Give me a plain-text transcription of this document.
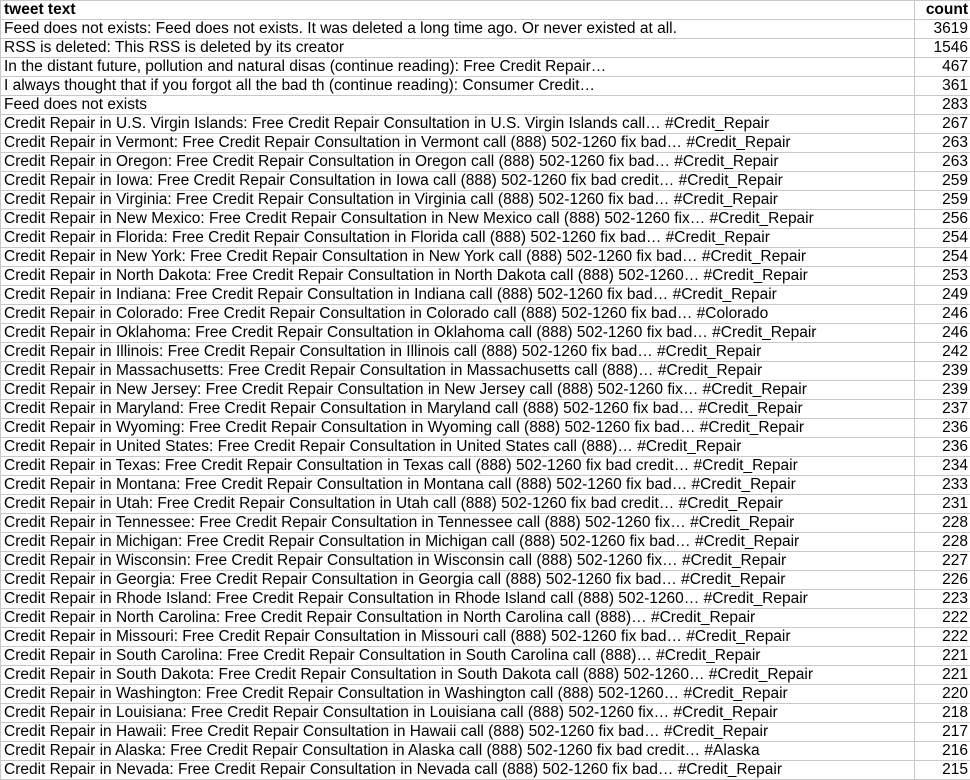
tweet text	count
Feed does not exists: Feed does not exists. It was deleted a long time ago. Or never existed at all.	3619
RSS is deleted: This RSS is deleted by its creator	1546
In the distant future, pollution and natural disas (continue reading): Free Credit Repair…	467
I always thought that if you forgot all the bad th (continue reading): Consumer Credit…	361
Feed does not exists	283
Credit Repair in U.S. Virgin Islands: Free Credit Repair Consultation in U.S. Virgin Islands call… #Credit_Repair	267
Credit Repair in Vermont: Free Credit Repair Consultation in Vermont call (888) 502-1260 fix bad… #Credit_Repair	263
Credit Repair in Oregon: Free Credit Repair Consultation in Oregon call (888) 502-1260 fix bad… #Credit_Repair	263
Credit Repair in Iowa: Free Credit Repair Consultation in Iowa call (888) 502-1260 fix bad credit… #Credit_Repair	259
Credit Repair in Virginia: Free Credit Repair Consultation in Virginia call (888) 502-1260 fix bad… #Credit_Repair	259
Credit Repair in New Mexico: Free Credit Repair Consultation in New Mexico call (888) 502-1260 fix… #Credit_Repair	256
Credit Repair in Florida: Free Credit Repair Consultation in Florida call (888) 502-1260 fix bad… #Credit_Repair	254
Credit Repair in New York: Free Credit Repair Consultation in New York call (888) 502-1260 fix bad… #Credit_Repair	254
Credit Repair in North Dakota: Free Credit Repair Consultation in North Dakota call (888) 502-1260… #Credit_Repair	253
Credit Repair in Indiana: Free Credit Repair Consultation in Indiana call (888) 502-1260 fix bad… #Credit_Repair	249
Credit Repair in Colorado: Free Credit Repair Consultation in Colorado call (888) 502-1260 fix bad… #Colorado	246
Credit Repair in Oklahoma: Free Credit Repair Consultation in Oklahoma call (888) 502-1260 fix bad… #Credit_Repair	246
Credit Repair in Illinois: Free Credit Repair Consultation in Illinois call (888) 502-1260 fix bad… #Credit_Repair	242
Credit Repair in Massachusetts: Free Credit Repair Consultation in Massachusetts call (888)… #Credit_Repair	239
Credit Repair in New Jersey: Free Credit Repair Consultation in New Jersey call (888) 502-1260 fix… #Credit_Repair	239
Credit Repair in Maryland: Free Credit Repair Consultation in Maryland call (888) 502-1260 fix bad… #Credit_Repair	237
Credit Repair in Wyoming: Free Credit Repair Consultation in Wyoming call (888) 502-1260 fix bad… #Credit_Repair	236
Credit Repair in United States: Free Credit Repair Consultation in United States call (888)… #Credit_Repair	236
Credit Repair in Texas: Free Credit Repair Consultation in Texas call (888) 502-1260 fix bad credit… #Credit_Repair	234
Credit Repair in Montana: Free Credit Repair Consultation in Montana call (888) 502-1260 fix bad… #Credit_Repair	233
Credit Repair in Utah: Free Credit Repair Consultation in Utah call (888) 502-1260 fix bad credit… #Credit_Repair	231
Credit Repair in Tennessee: Free Credit Repair Consultation in Tennessee call (888) 502-1260 fix… #Credit_Repair	228
Credit Repair in Michigan: Free Credit Repair Consultation in Michigan call (888) 502-1260 fix bad… #Credit_Repair	228
Credit Repair in Wisconsin: Free Credit Repair Consultation in Wisconsin call (888) 502-1260 fix… #Credit_Repair	227
Credit Repair in Georgia: Free Credit Repair Consultation in Georgia call (888) 502-1260 fix bad… #Credit_Repair	226
Credit Repair in Rhode Island: Free Credit Repair Consultation in Rhode Island call (888) 502-1260… #Credit_Repair	223
Credit Repair in North Carolina: Free Credit Repair Consultation in North Carolina call (888)… #Credit_Repair	222
Credit Repair in Missouri: Free Credit Repair Consultation in Missouri call (888) 502-1260 fix bad… #Credit_Repair	222
Credit Repair in South Carolina: Free Credit Repair Consultation in South Carolina call (888)… #Credit_Repair	221
Credit Repair in South Dakota: Free Credit Repair Consultation in South Dakota call (888) 502-1260… #Credit_Repair	221
Credit Repair in Washington: Free Credit Repair Consultation in Washington call (888) 502-1260… #Credit_Repair	220
Credit Repair in Louisiana: Free Credit Repair Consultation in Louisiana call (888) 502-1260 fix… #Credit_Repair	218
Credit Repair in Hawaii: Free Credit Repair Consultation in Hawaii call (888) 502-1260 fix bad… #Credit_Repair	217
Credit Repair in Alaska: Free Credit Repair Consultation in Alaska call (888) 502-1260 fix bad credit… #Alaska	216
Credit Repair in Nevada: Free Credit Repair Consultation in Nevada call (888) 502-1260 fix bad… #Credit_Repair	215
